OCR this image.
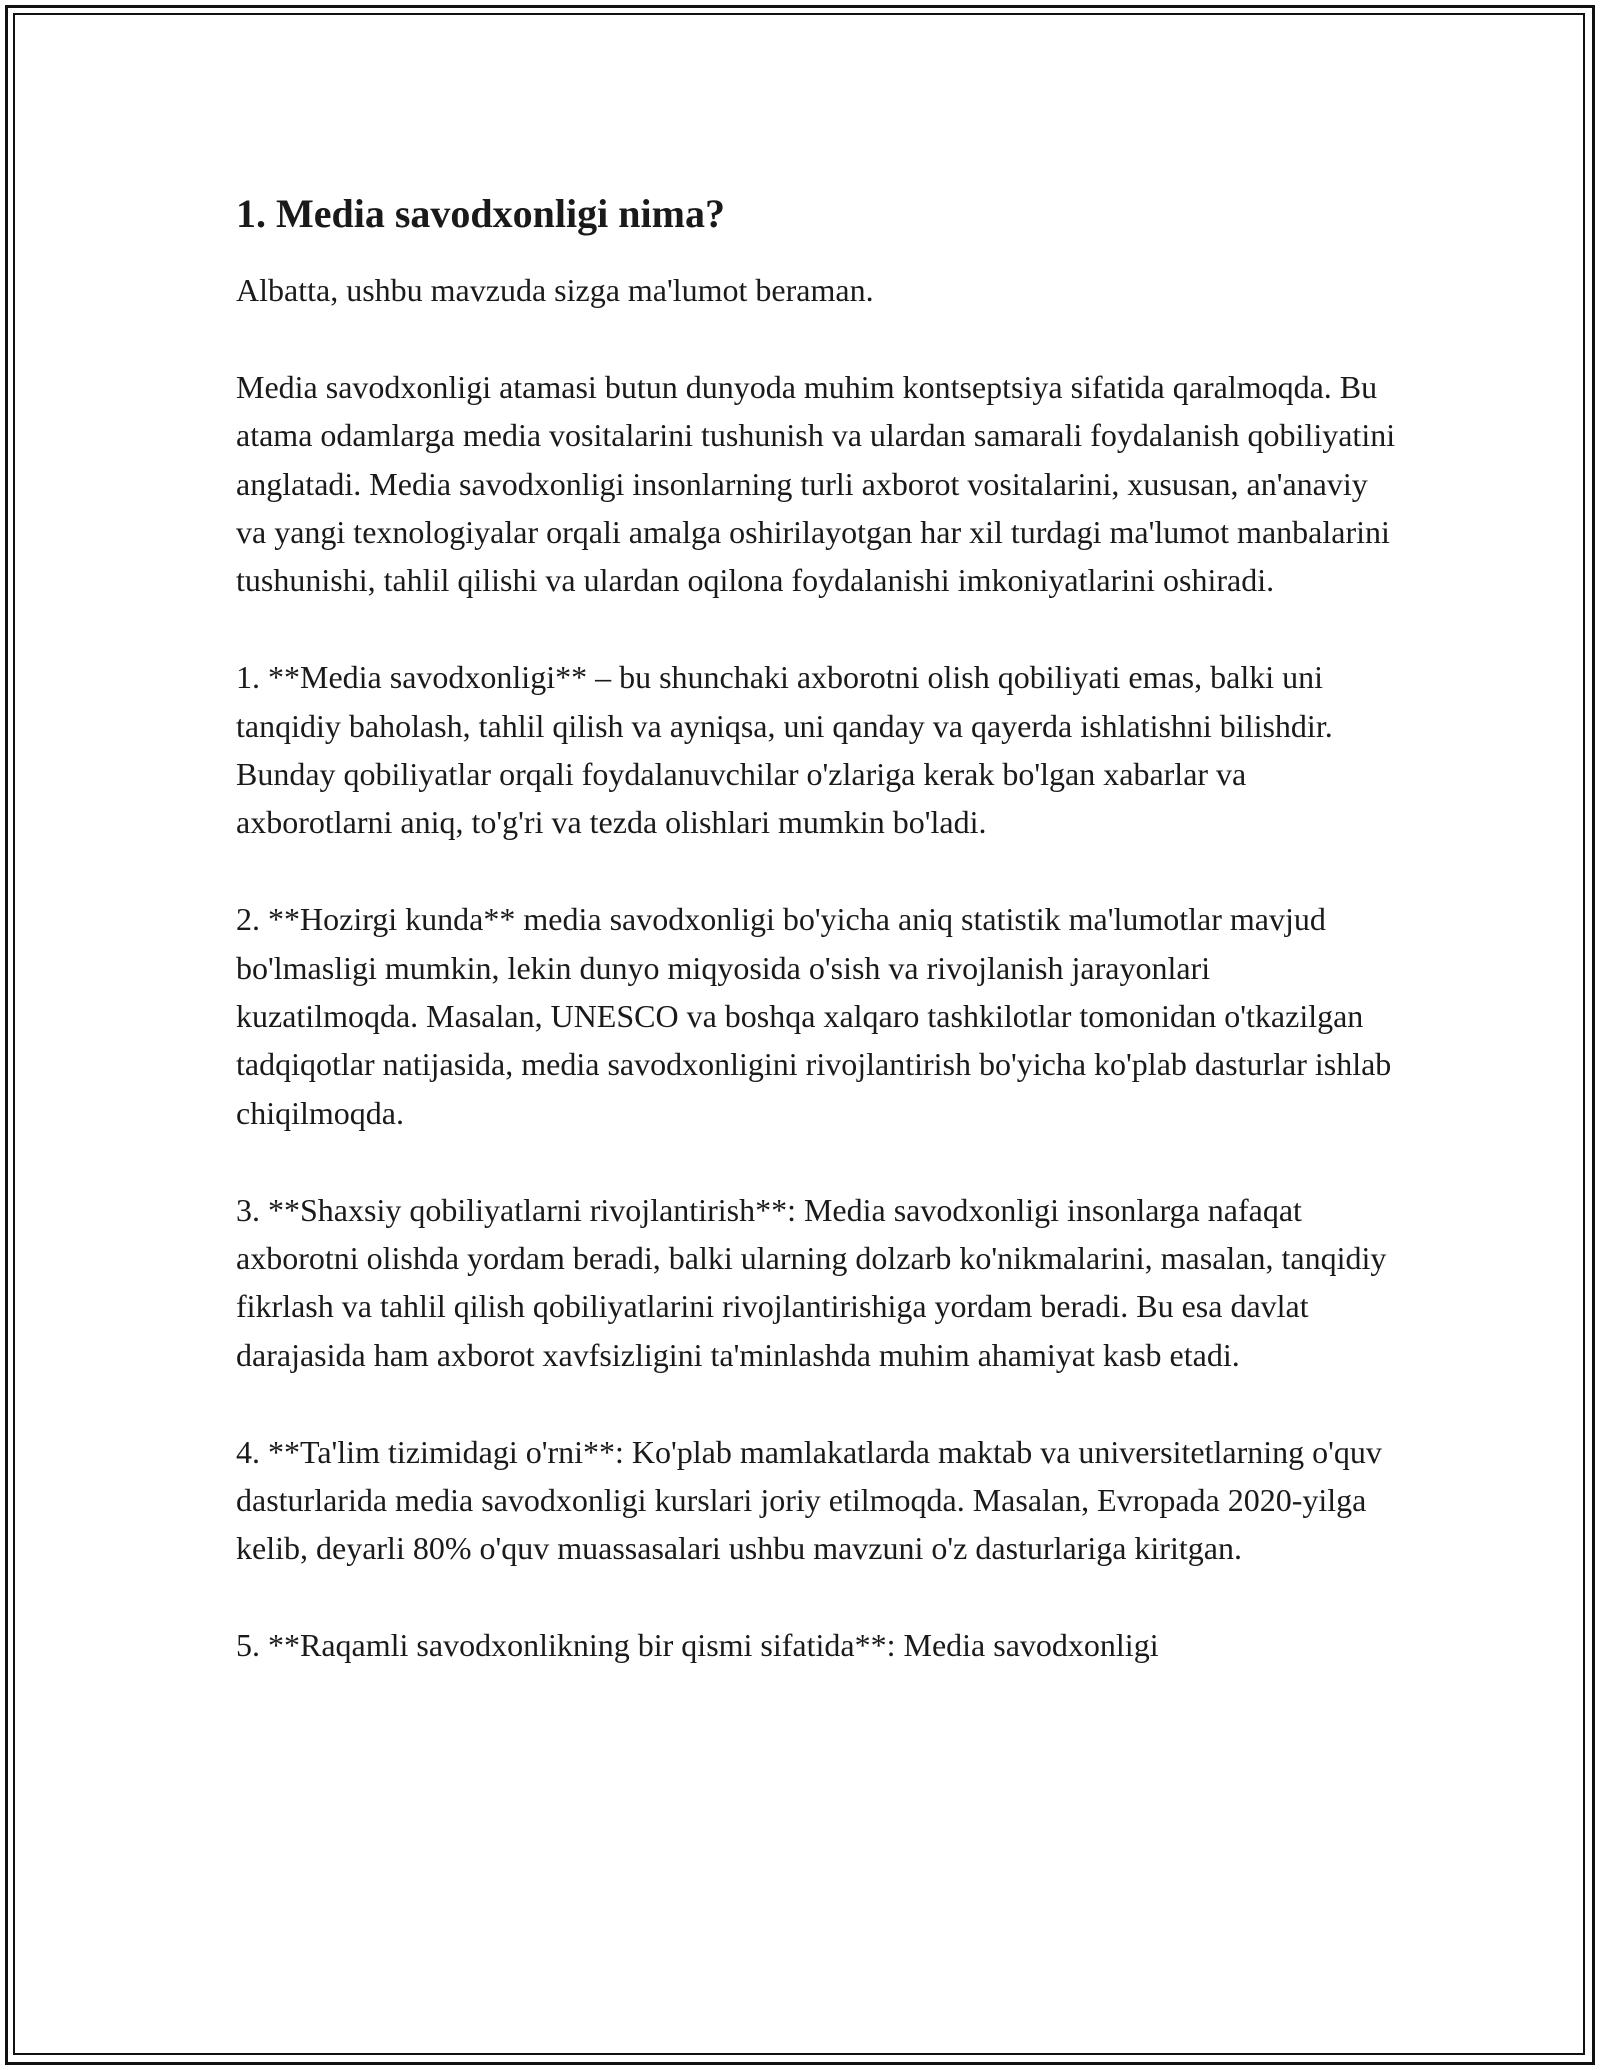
1. Media savodxonligi nima?

Albatta, ushbu mavzuda sizga ma'lumot beraman.

Media savodxonligi atamasi butun dunyoda muhim kontseptsiya sifatida qaralmoqda. Bu atama odamlarga media vositalarini tushunish va ulardan samarali foydalanish qobiliyatini anglatadi. Media savodxonligi insonlarning turli axborot vositalarini, xususan, an'anaviy va yangi texnologiyalar orqali amalga oshirilayotgan har xil turdagi ma'lumot manbalarini tushunishi, tahlil qilishi va ulardan oqilona foydalanishi imkoniyatlarini oshiradi.

1. **Media savodxonligi** – bu shunchaki axborotni olish qobiliyati emas, balki uni tanqidiy baholash, tahlil qilish va ayniqsa, uni qanday va qayerda ishlatishni bilishdir. Bunday qobiliyatlar orqali foydalanuvchilar o'zlariga kerak bo'lgan xabarlar va axborotlarni aniq, to'g'ri va tezda olishlari mumkin bo'ladi.

2. **Hozirgi kunda** media savodxonligi bo'yicha aniq statistik ma'lumotlar mavjud bo'lmasligi mumkin, lekin dunyo miqyosida o'sish va rivojlanish jarayonlari kuzatilmoqda. Masalan, UNESCO va boshqa xalqaro tashkilotlar tomonidan o'tkazilgan tadqiqotlar natijasida, media savodxonligini rivojlantirish bo'yicha ko'plab dasturlar ishlab chiqilmoqda.

3. **Shaxsiy qobiliyatlarni rivojlantirish**: Media savodxonligi insonlarga nafaqat axborotni olishda yordam beradi, balki ularning dolzarb ko'nikmalarini, masalan, tanqidiy fikrlash va tahlil qilish qobiliyatlarini rivojlantirishiga yordam beradi. Bu esa davlat darajasida ham axborot xavfsizligini ta'minlashda muhim ahamiyat kasb etadi.

4. **Ta'lim tizimidagi o'rni**: Ko'plab mamlakatlarda maktab va universitetlarning o'quv dasturlarida media savodxonligi kurslari joriy etilmoqda. Masalan, Evropada 2020-yilga kelib, deyarli 80% o'quv muassasalari ushbu mavzuni o'z dasturlariga kiritgan.

5. **Raqamli savodxonlikning bir qismi sifatida**: Media savodxonligi
